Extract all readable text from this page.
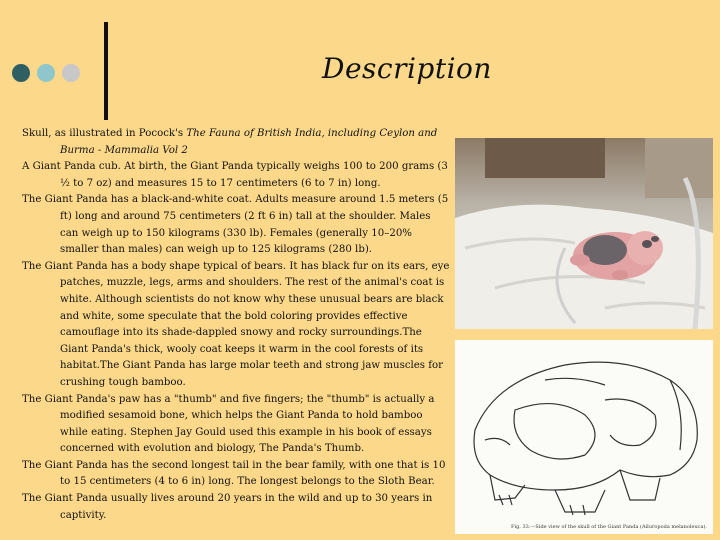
Description

Skull, as illustrated in Pocock's The Fauna of British India, including Ceylon and Burma - Mammalia Vol 2

A Giant Panda cub. At birth, the Giant Panda typically weighs 100 to 200 grams (3 ½ to 7 oz) and measures 15 to 17 centimeters (6 to 7 in) long.

The Giant Panda has a black-and-white coat. Adults measure around 1.5 meters (5 ft) long and around 75 centimeters (2 ft 6 in) tall at the shoulder. Males can weigh up to 150 kilograms (330 lb). Females (generally 10–20% smaller than males) can weigh up to 125 kilograms (280 lb).

The Giant Panda has a body shape typical of bears. It has black fur on its ears, eye patches, muzzle, legs, arms and shoulders. The rest of the animal's coat is white. Although scientists do not know why these unusual bears are black and white, some speculate that the bold coloring provides effective camouflage into its shade-dappled snowy and rocky surroundings.The Giant Panda's thick, wooly coat keeps it warm in the cool forests of its habitat.The Giant Panda has large molar teeth and strong jaw muscles for crushing tough bamboo.

The Giant Panda's paw has a "thumb" and five fingers; the "thumb" is actually a modified sesamoid bone, which helps the Giant Panda to hold bamboo while eating. Stephen Jay Gould used this example in his book of essays concerned with evolution and biology, The Panda's Thumb.

The Giant Panda has the second longest tail in the bear family, with one that is 10 to 15 centimeters (4 to 6 in) long. The longest belongs to the Sloth Bear.

The Giant Panda usually lives around 20 years in the wild and up to 30 years in captivity.

Fig. 33.—Side view of the skull of the Giant Panda (Ailuropoda melanoleuca).
